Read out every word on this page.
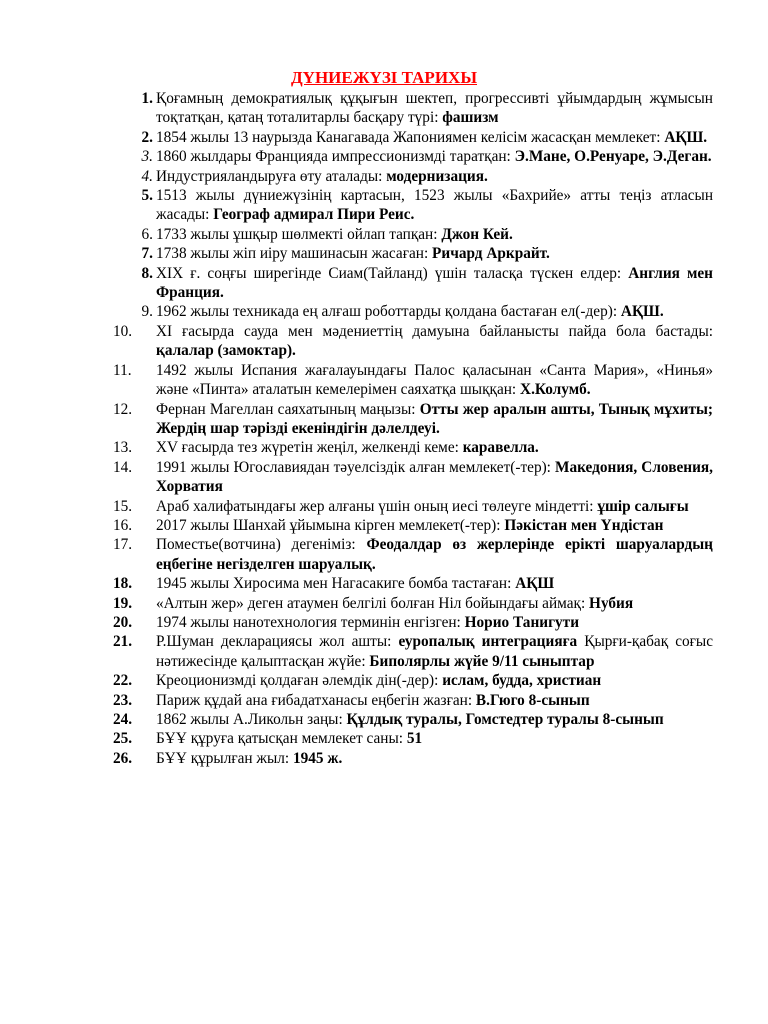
ДҮНИЕЖҮЗІ ТАРИХЫ
1. Қоғамның демократиялық құқығын шектеп, прогрессивті ұйымдардың жұмысын тоқтатқан, қатаң тоталитарлы басқару түрі: фашизм
2. 1854 жылы 13 наурызда Канагавада Жапониямен келісім жасасқан мемлекет: АҚШ.
3. 1860 жылдары Францияда импрессионизмді таратқан: Э.Мане, О.Ренуаре, Э.Деган.
4. Индустрияландыруға өту аталады: модернизация.
5. 1513 жылы дүниежүзінің картасын, 1523 жылы «Бахрийе» атты теңіз атласын жасады: Географ адмирал Пири Реис.
6. 1733 жылы ұшқыр шөлмекті ойлап тапқан: Джон Кей.
7. 1738 жылы жіп иіру машинасын жасаған: Ричард Аркрайт.
8. XIX ғ. соңғы ширегінде Сиам(Тайланд) үшін таласқа түскен елдер: Англия мен Франция.
9. 1962 жылы техникада ең алғаш роботтарды қолдана бастаған ел(-дер): АҚШ.
10.	XI ғасырда сауда мен мәдениеттің дамуына байланысты пайда бола бастады: қалалар (замоктар).
11.	1492 жылы Испания жағалауындағы Палос қаласынан «Санта Мария», «Нинья» және «Пинта» аталатын кемелерімен саяхатқа шыққан: Х.Колумб.
12.	Фернан Магеллан саяхатының маңызы: Отты жер аралын ашты, Тынық мұхиты; Жердің шар тәрізді екеніндігін дәлелдеуі.
13.	XV ғасырда тез жүретін жеңіл, желкенді кеме: каравелла.
14.	1991 жылы Югославиядан тәуелсіздік алған мемлекет(-тер): Македония, Словения, Хорватия
15.	Араб халифатындағы жер алғаны үшін оның иесі төлеуге міндетті: ұшір салығы
16.	2017 жылы Шанхай ұйымына кірген мемлекет(-тер): Пәкістан мен Үндістан
17.	Поместье(вотчина) дегеніміз: Феодалдар өз жерлерінде ерікті шаруалардың еңбегіне негізделген шаруалық.
18.	1945 жылы Хиросима мен Нагасакиге бомба тастаған: АҚШ
19.	«Алтын жер» деген атаумен белгілі болған Ніл бойындағы аймақ: Нубия
20.	1974 жылы нанотехнология терминін енгізген: Норио Танигути
21.	Р.Шуман декларациясы жол ашты: еуропалық интеграцияға Қырғи-қабақ соғыс нәтижесінде қалыптасқан жүйе: Биполярлы жүйе 9/11 сыныптар
22.	Креоционизмді қолдаған әлемдік дін(-дер): ислам, будда, христиан
23.	Париж құдай ана ғибадатханасы еңбегін жазған: В.Гюго 8-сынып
24.	1862 жылы А.Ликольн заңы: Құлдық туралы, Гомстедтер туралы 8-сынып
25.	БҰҰ құруға қатысқан мемлекет саны: 51
26.	БҰҰ құрылған жыл: 1945 ж.
